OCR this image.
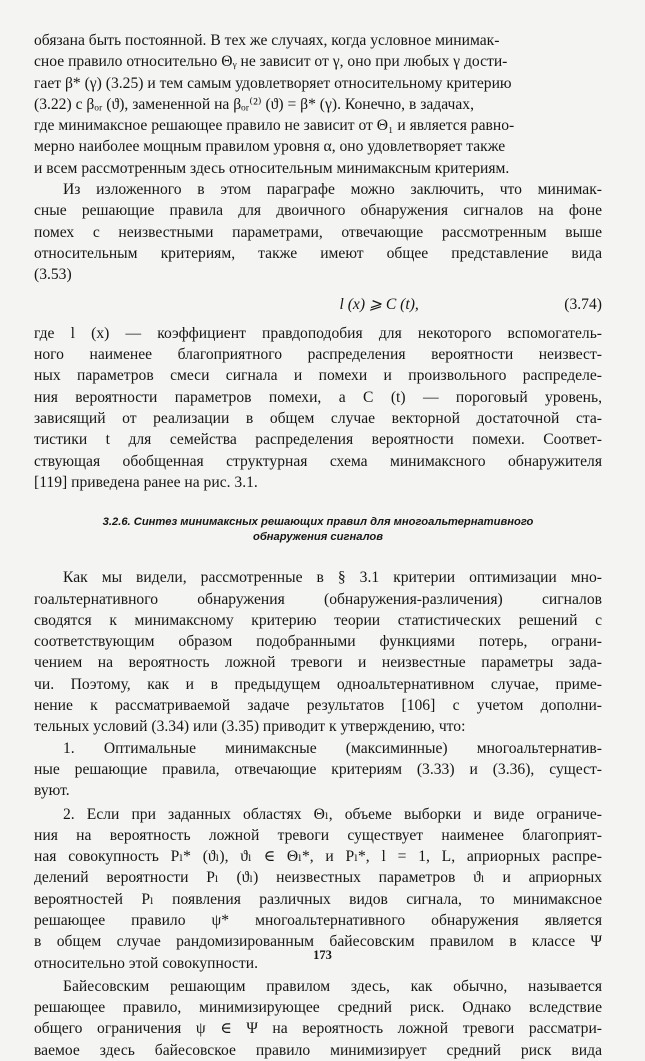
обязана быть постоянной. В тех же случаях, когда условное минимак-
сное правило относительно Θᵧ не зависит от γ, оно при любых γ дости-
гает β* (γ) (3.25) и тем самым удовлетворяет относительному критерию
(3.22) с βₒᵣ (ϑ), замененной на βₒᵣ⁽²⁾ (ϑ) = β* (γ). Конечно, в задачах,
где минимаксное решающее правило не зависит от Θ₁ и является равно-
мерно наиболее мощным правилом уровня α, оно удовлетворяет также
и всем рассмотренным здесь относительным минимаксным критериям.
Из изложенного в этом параграфе можно заключить, что минимак-
сные решающие правила для двоичного обнаружения сигналов на фоне
помех с неизвестными параметрами, отвечающие рассмотренным выше
относительным критериям, также имеют общее представление вида
(3.53)
l (x) ⩾ C (t),	(3.74)
где l (x) — коэффициент правдоподобия для некоторого вспомогатель-
ного наименее благоприятного распределения вероятности неизвест-
ных параметров смеси сигнала и помехи и произвольного распределе-
ния вероятности параметров помехи, а C (t) — пороговый уровень,
зависящий от реализации в общем случае векторной достаточной ста-
тистики t для семейства распределения вероятности помехи. Соответ-
ствующая обобщенная структурная схема минимаксного обнаружителя
[119] приведена ранее на рис. 3.1.
3.2.6. Синтез минимаксных решающих правил для многоальтернативного
обнаружения сигналов
Как мы видели, рассмотренные в § 3.1 критерии оптимизации мно-
гоальтернативного обнаружения (обнаружения-различения) сигналов
сводятся к минимаксному критерию теории статистических решений с
соответствующим образом подобранными функциями потерь, ограни-
чением на вероятность ложной тревоги и неизвестные параметры зада-
чи. Поэтому, как и в предыдущем одноальтернативном случае, приме-
нение к рассматриваемой задаче результатов [106] с учетом дополни-
тельных условий (3.34) или (3.35) приводит к утверждению, что:
1. Оптимальные минимаксные (максиминные) многоальтернатив-
ные решающие правила, отвечающие критериям (3.33) и (3.36), сущест-
вуют.
2. Если при заданных областях Θₗ, объеме выборки и виде ограниче-
ния на вероятность ложной тревоги существует наименее благоприят-
ная совокупность Pₗ* (ϑₗ), ϑₗ ∈ Θₗ*, и Pₗ*, l = 1, L, априорных распре-
делений вероятности Pₗ (ϑₗ) неизвестных параметров ϑₗ и априорных
вероятностей Pₗ появления различных видов сигнала, то минимаксное
решающее правило ψ* многоальтернативного обнаружения является
в общем случае рандомизированным байесовским правилом в классе Ψ
относительно этой совокупности.
Байесовским решающим правилом здесь, как обычно, называется
решающее правило, минимизирующее средний риск. Однако вследствие
общего ограничения ψ ∈ Ψ на вероятность ложной тревоги рассматри-
ваемое здесь байесовское правило минимизирует средний риск вида
173
